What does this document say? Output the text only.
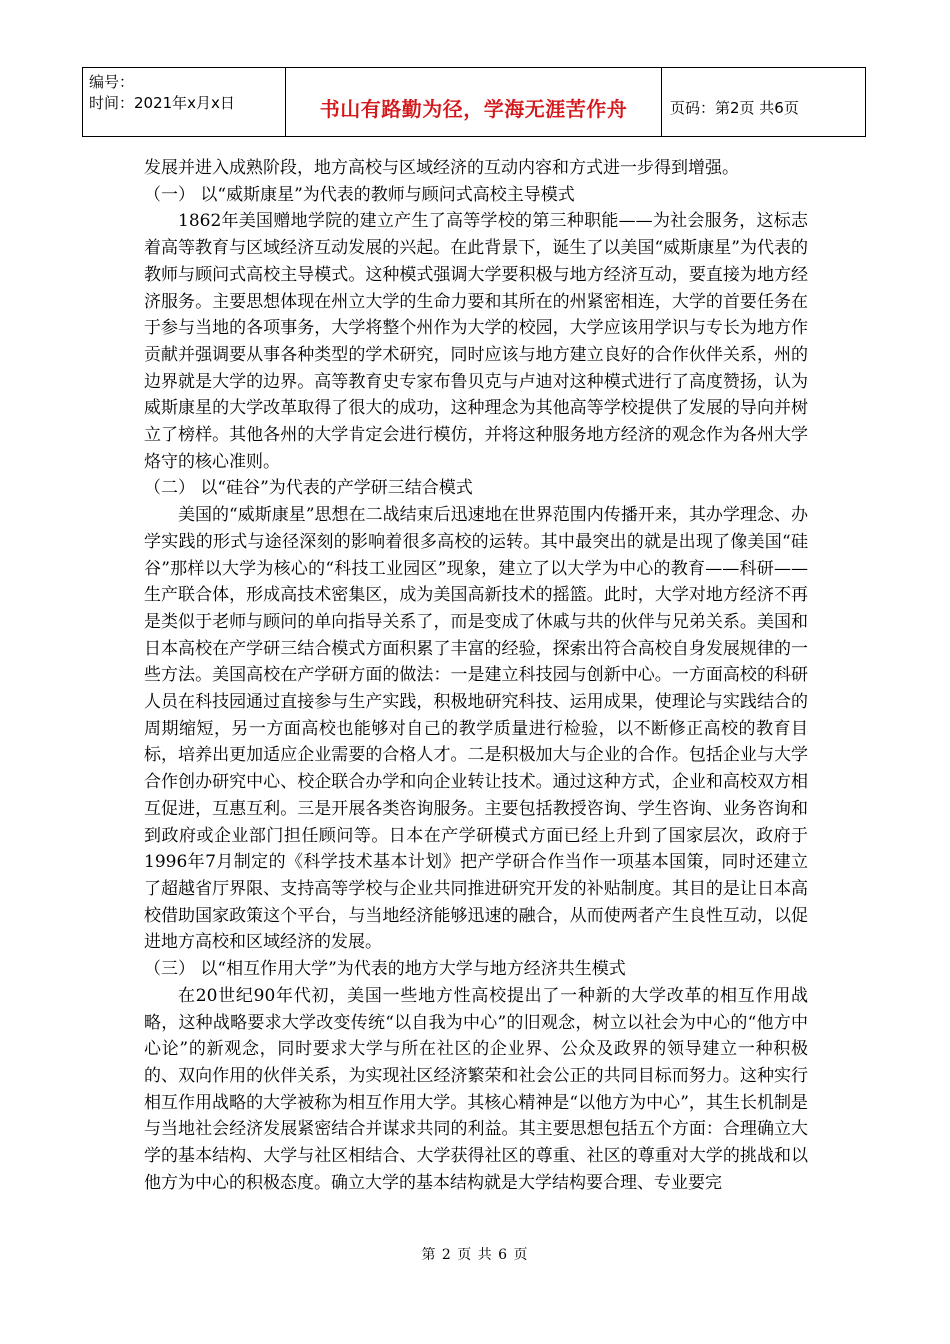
编号：
时间：2021年x月x日	书山有路勤为径，学海无涯苦作舟	页码：第2页 共6页

发展并进入成熟阶段，地方高校与区域经济的互动内容和方式进一步得到增强。

（一） 以“威斯康星”为代表的教师与顾问式高校主导模式

1862年美国赠地学院的建立产生了高等学校的第三种职能——为社会服务，这标志着高等教育与区域经济互动发展的兴起。在此背景下，诞生了以美国“威斯康星”为代表的教师与顾问式高校主导模式。这种模式强调大学要积极与地方经济互动，要直接为地方经济服务。主要思想体现在州立大学的生命力要和其所在的州紧密相连，大学的首要任务在于参与当地的各项事务，大学将整个州作为大学的校园，大学应该用学识与专长为地方作贡献并强调要从事各种类型的学术研究，同时应该与地方建立良好的合作伙伴关系，州的边界就是大学的边界。高等教育史专家布鲁贝克与卢迪对这种模式进行了高度赞扬，认为威斯康星的大学改革取得了很大的成功，这种理念为其他高等学校提供了发展的导向并树立了榜样。其他各州的大学肯定会进行模仿，并将这种服务地方经济的观念作为各州大学烙守的核心准则。

（二） 以“硅谷”为代表的产学研三结合模式

美国的“威斯康星”思想在二战结束后迅速地在世界范围内传播开来，其办学理念、办学实践的形式与途径深刻的影响着很多高校的运转。其中最突出的就是出现了像美国“硅谷”那样以大学为核心的“科技工业园区”现象，建立了以大学为中心的教育——科研——生产联合体，形成高技术密集区，成为美国高新技术的摇篮。此时，大学对地方经济不再是类似于老师与顾问的单向指导关系了，而是变成了休戚与共的伙伴与兄弟关系。美国和日本高校在产学研三结合模式方面积累了丰富的经验，探索出符合高校自身发展规律的一些方法。美国高校在产学研方面的做法：一是建立科技园与创新中心。一方面高校的科研人员在科技园通过直接参与生产实践，积极地研究科技、运用成果，使理论与实践结合的周期缩短，另一方面高校也能够对自己的教学质量进行检验，以不断修正高校的教育目标，培养出更加适应企业需要的合格人才。二是积极加大与企业的合作。包括企业与大学合作创办研究中心、校企联合办学和向企业转让技术。通过这种方式，企业和高校双方相互促进，互惠互利。三是开展各类咨询服务。主要包括教授咨询、学生咨询、业务咨询和到政府或企业部门担任顾问等。日本在产学研模式方面已经上升到了国家层次，政府于1996年7月制定的《科学技术基本计划》把产学研合作当作一项基本国策，同时还建立了超越省厅界限、支持高等学校与企业共同推进研究开发的补贴制度。其目的是让日本高校借助国家政策这个平台，与当地经济能够迅速的融合，从而使两者产生良性互动，以促进地方高校和区域经济的发展。

（三） 以“相互作用大学”为代表的地方大学与地方经济共生模式

在20世纪90年代初，美国一些地方性高校提出了一种新的大学改革的相互作用战略，这种战略要求大学改变传统“以自我为中心”的旧观念，树立以社会为中心的“他方中心论”的新观念，同时要求大学与所在社区的企业界、公众及政界的领导建立一种积极的、双向作用的伙伴关系，为实现社区经济繁荣和社会公正的共同目标而努力。这种实行相互作用战略的大学被称为相互作用大学。其核心精神是“以他方为中心”，其生长机制是与当地社会经济发展紧密结合并谋求共同的利益。其主要思想包括五个方面：合理确立大学的基本结构、大学与社区相结合、大学获得社区的尊重、社区的尊重对大学的挑战和以他方为中心的积极态度。确立大学的基本结构就是大学结构要合理、专业要完

第 2 页 共 6 页
